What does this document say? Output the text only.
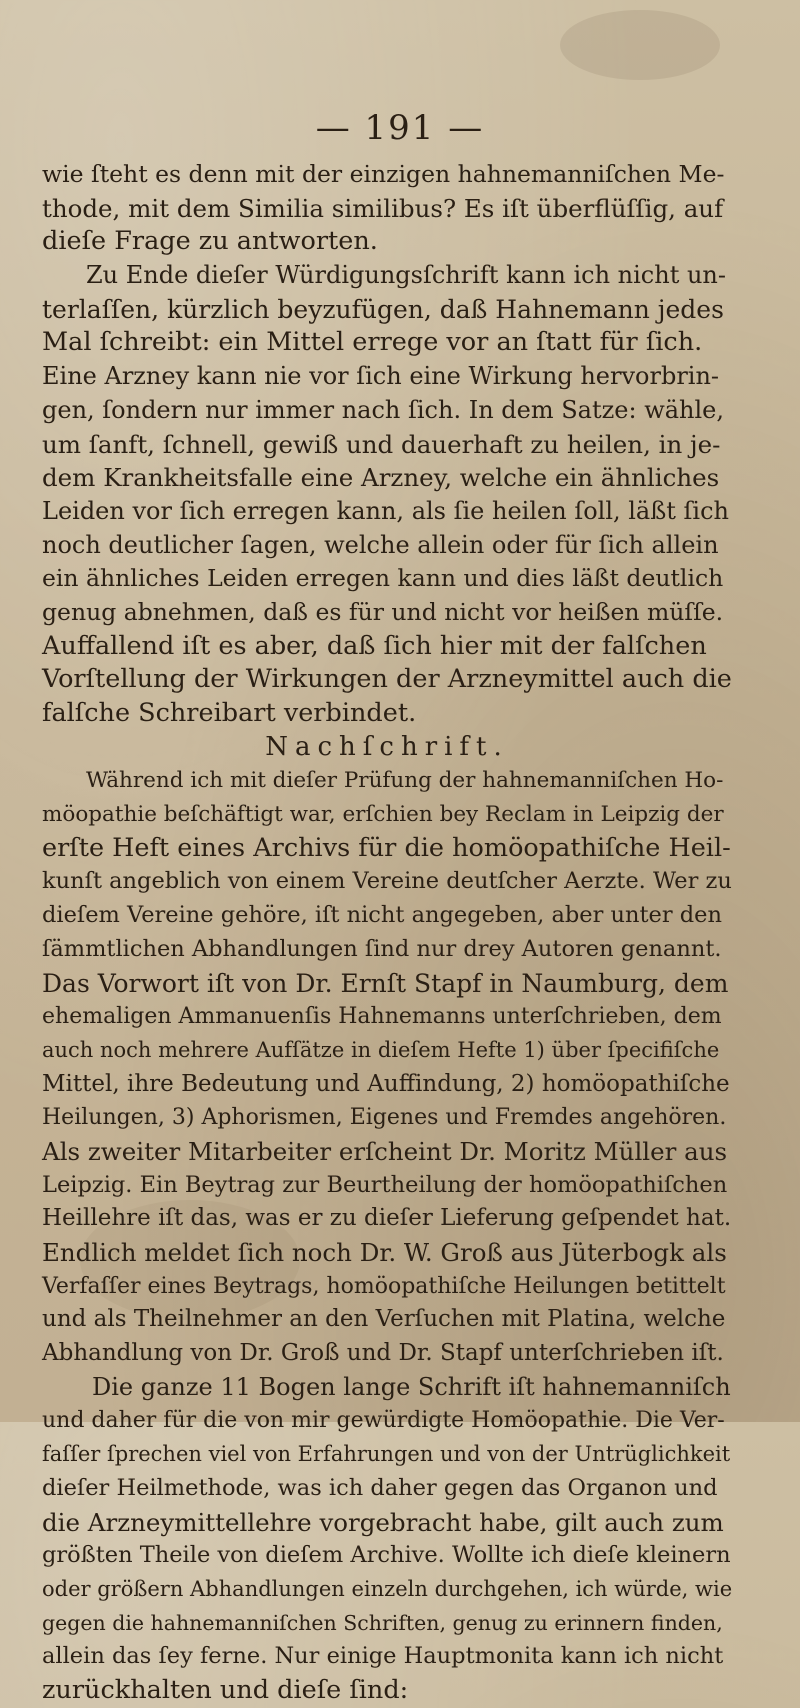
— 191 —
wie ſteht es denn mit der einzigen hahnemanniſchen Me-
thode, mit dem Similia similibus? Es iſt überflüſſig, auf
dieſe Frage zu antworten.
Zu Ende dieſer Würdigungsſchrift kann ich nicht un-
terlaſſen, kürzlich beyzufügen, daß Hahnemann jedes
Mal ſchreibt: ein Mittel errege vor an ſtatt für ſich.
Eine Arzney kann nie vor ſich eine Wirkung hervorbrin-
gen, ſondern nur immer nach ſich. In dem Satze: wähle,
um ſanft, ſchnell, gewiß und dauerhaft zu heilen, in je-
dem Krankheitsfalle eine Arzney, welche ein ähnliches
Leiden vor ſich erregen kann, als ſie heilen ſoll, läßt ſich
noch deutlicher ſagen, welche allein oder für ſich allein
ein ähnliches Leiden erregen kann und dies läßt deutlich
genug abnehmen, daß es für und nicht vor heißen müſſe.
Auffallend iſt es aber, daß ſich hier mit der falſchen
Vorſtellung der Wirkungen der Arzneymittel auch die
falſche Schreibart verbindet.
Nachſchrift.
Während ich mit dieſer Prüfung der hahnemanniſchen Ho-
möopathie beſchäftigt war, erſchien bey Reclam in Leipzig der
erſte Heft eines Archivs für die homöopathiſche Heil-
kunſt angeblich von einem Vereine deutſcher Aerzte. Wer zu
dieſem Vereine gehöre, iſt nicht angegeben, aber unter den
ſämmtlichen Abhandlungen ſind nur drey Autoren genannt.
Das Vorwort iſt von Dr. Ernſt Stapf in Naumburg, dem
ehemaligen Ammanuenſis Hahnemanns unterſchrieben, dem
auch noch mehrere Aufſätze in dieſem Hefte 1) über ſpecifiſche
Mittel, ihre Bedeutung und Auffindung, 2) homöopathiſche
Heilungen, 3) Aphorismen, Eigenes und Fremdes angehören.
Als zweiter Mitarbeiter erſcheint Dr. Moritz Müller aus
Leipzig. Ein Beytrag zur Beurtheilung der homöopathiſchen
Heillehre iſt das, was er zu dieſer Lieferung geſpendet hat.
Endlich meldet ſich noch Dr. W. Groß aus Jüterbogk als
Verfaſſer eines Beytrags, homöopathiſche Heilungen betittelt
und als Theilnehmer an den Verſuchen mit Platina, welche
Abhandlung von Dr. Groß und Dr. Stapf unterſchrieben iſt.
Die ganze 11 Bogen lange Schrift iſt hahnemanniſch
und daher für die von mir gewürdigte Homöopathie. Die Ver-
faſſer ſprechen viel von Erfahrungen und von der Untrüglichkeit
dieſer Heilmethode, was ich daher gegen das Organon und
die Arzneymittellehre vorgebracht habe, gilt auch zum
größten Theile von dieſem Archive. Wollte ich dieſe kleinern
oder größern Abhandlungen einzeln durchgehen, ich würde, wie
gegen die hahnemanniſchen Schriften, genug zu erinnern finden,
allein das ſey ferne. Nur einige Hauptmonita kann ich nicht
zurückhalten und dieſe ſind:
